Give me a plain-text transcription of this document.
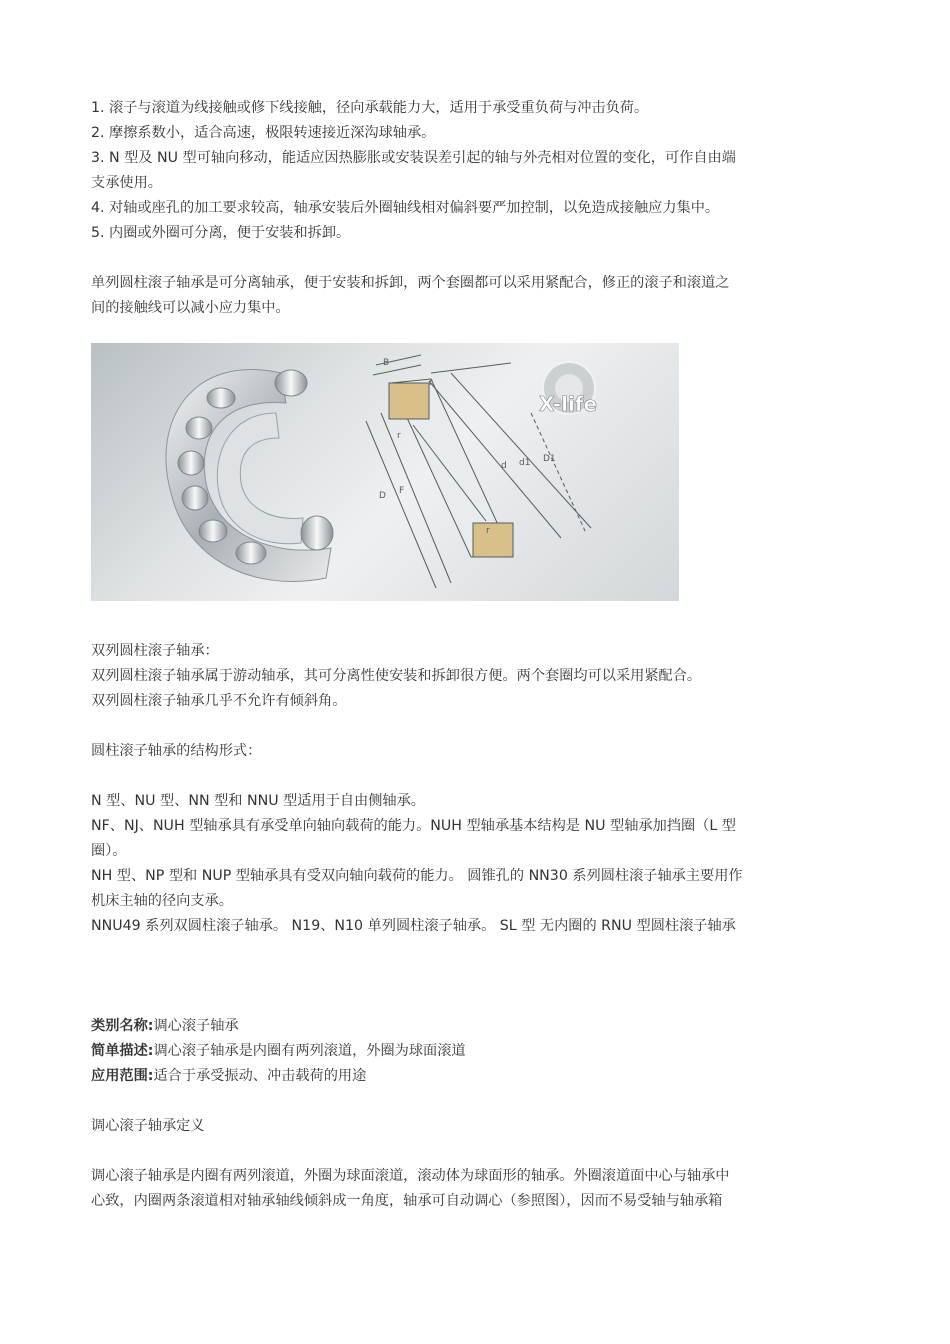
1. 滚子与滚道为线接触或修下线接触，径向承载能力大，适用于承受重负荷与冲击负荷。
2. 摩擦系数小，适合高速，极限转速接近深沟球轴承。
3. N 型及 NU 型可轴向移动，能适应因热膨胀或安装误差引起的轴与外壳相对位置的变化，可作自由端
支承使用。
4. 对轴或座孔的加工要求较高，轴承安装后外圈轴线相对偏斜要严加控制，以免造成接触应力集中。
5. 内圈或外圈可分离，便于安装和拆卸。
单列圆柱滚子轴承是可分离轴承，便于安装和拆卸，两个套圈都可以采用紧配合，修正的滚子和滚道之
间的接触线可以减小应力集中。
B
r
r
r
d d1 D1
D F
X-life
双列圆柱滚子轴承：
双列圆柱滚子轴承属于游动轴承，其可分离性使安装和拆卸很方便。两个套圈均可以采用紧配合。
双列圆柱滚子轴承几乎不允许有倾斜角。
圆柱滚子轴承的结构形式：
N 型、NU 型、NN 型和 NNU 型适用于自由侧轴承。
NF、NJ、NUH 型轴承具有承受单向轴向载荷的能力。NUH 型轴承基本结构是 NU 型轴承加挡圈（L 型
圈）。
NH 型、NP 型和 NUP 型轴承具有受双向轴向载荷的能力。 圆锥孔的 NN30 系列圆柱滚子轴承主要用作
机床主轴的径向支承。
NNU49 系列双圆柱滚子轴承。 N19、N10 单列圆柱滚子轴承。 SL 型 无内圈的 RNU 型圆柱滚子轴承
类别名称:调心滚子轴承
简单描述:调心滚子轴承是内圈有两列滚道，外圈为球面滚道
应用范围:适合于承受振动、冲击载荷的用途
调心滚子轴承定义
调心滚子轴承是内圈有两列滚道，外圈为球面滚道，滚动体为球面形的轴承。外圈滚道面中心与轴承中
心致，内圈两条滚道相对轴承轴线倾斜成一角度，轴承可自动调心（参照图），因而不易受轴与轴承箱
